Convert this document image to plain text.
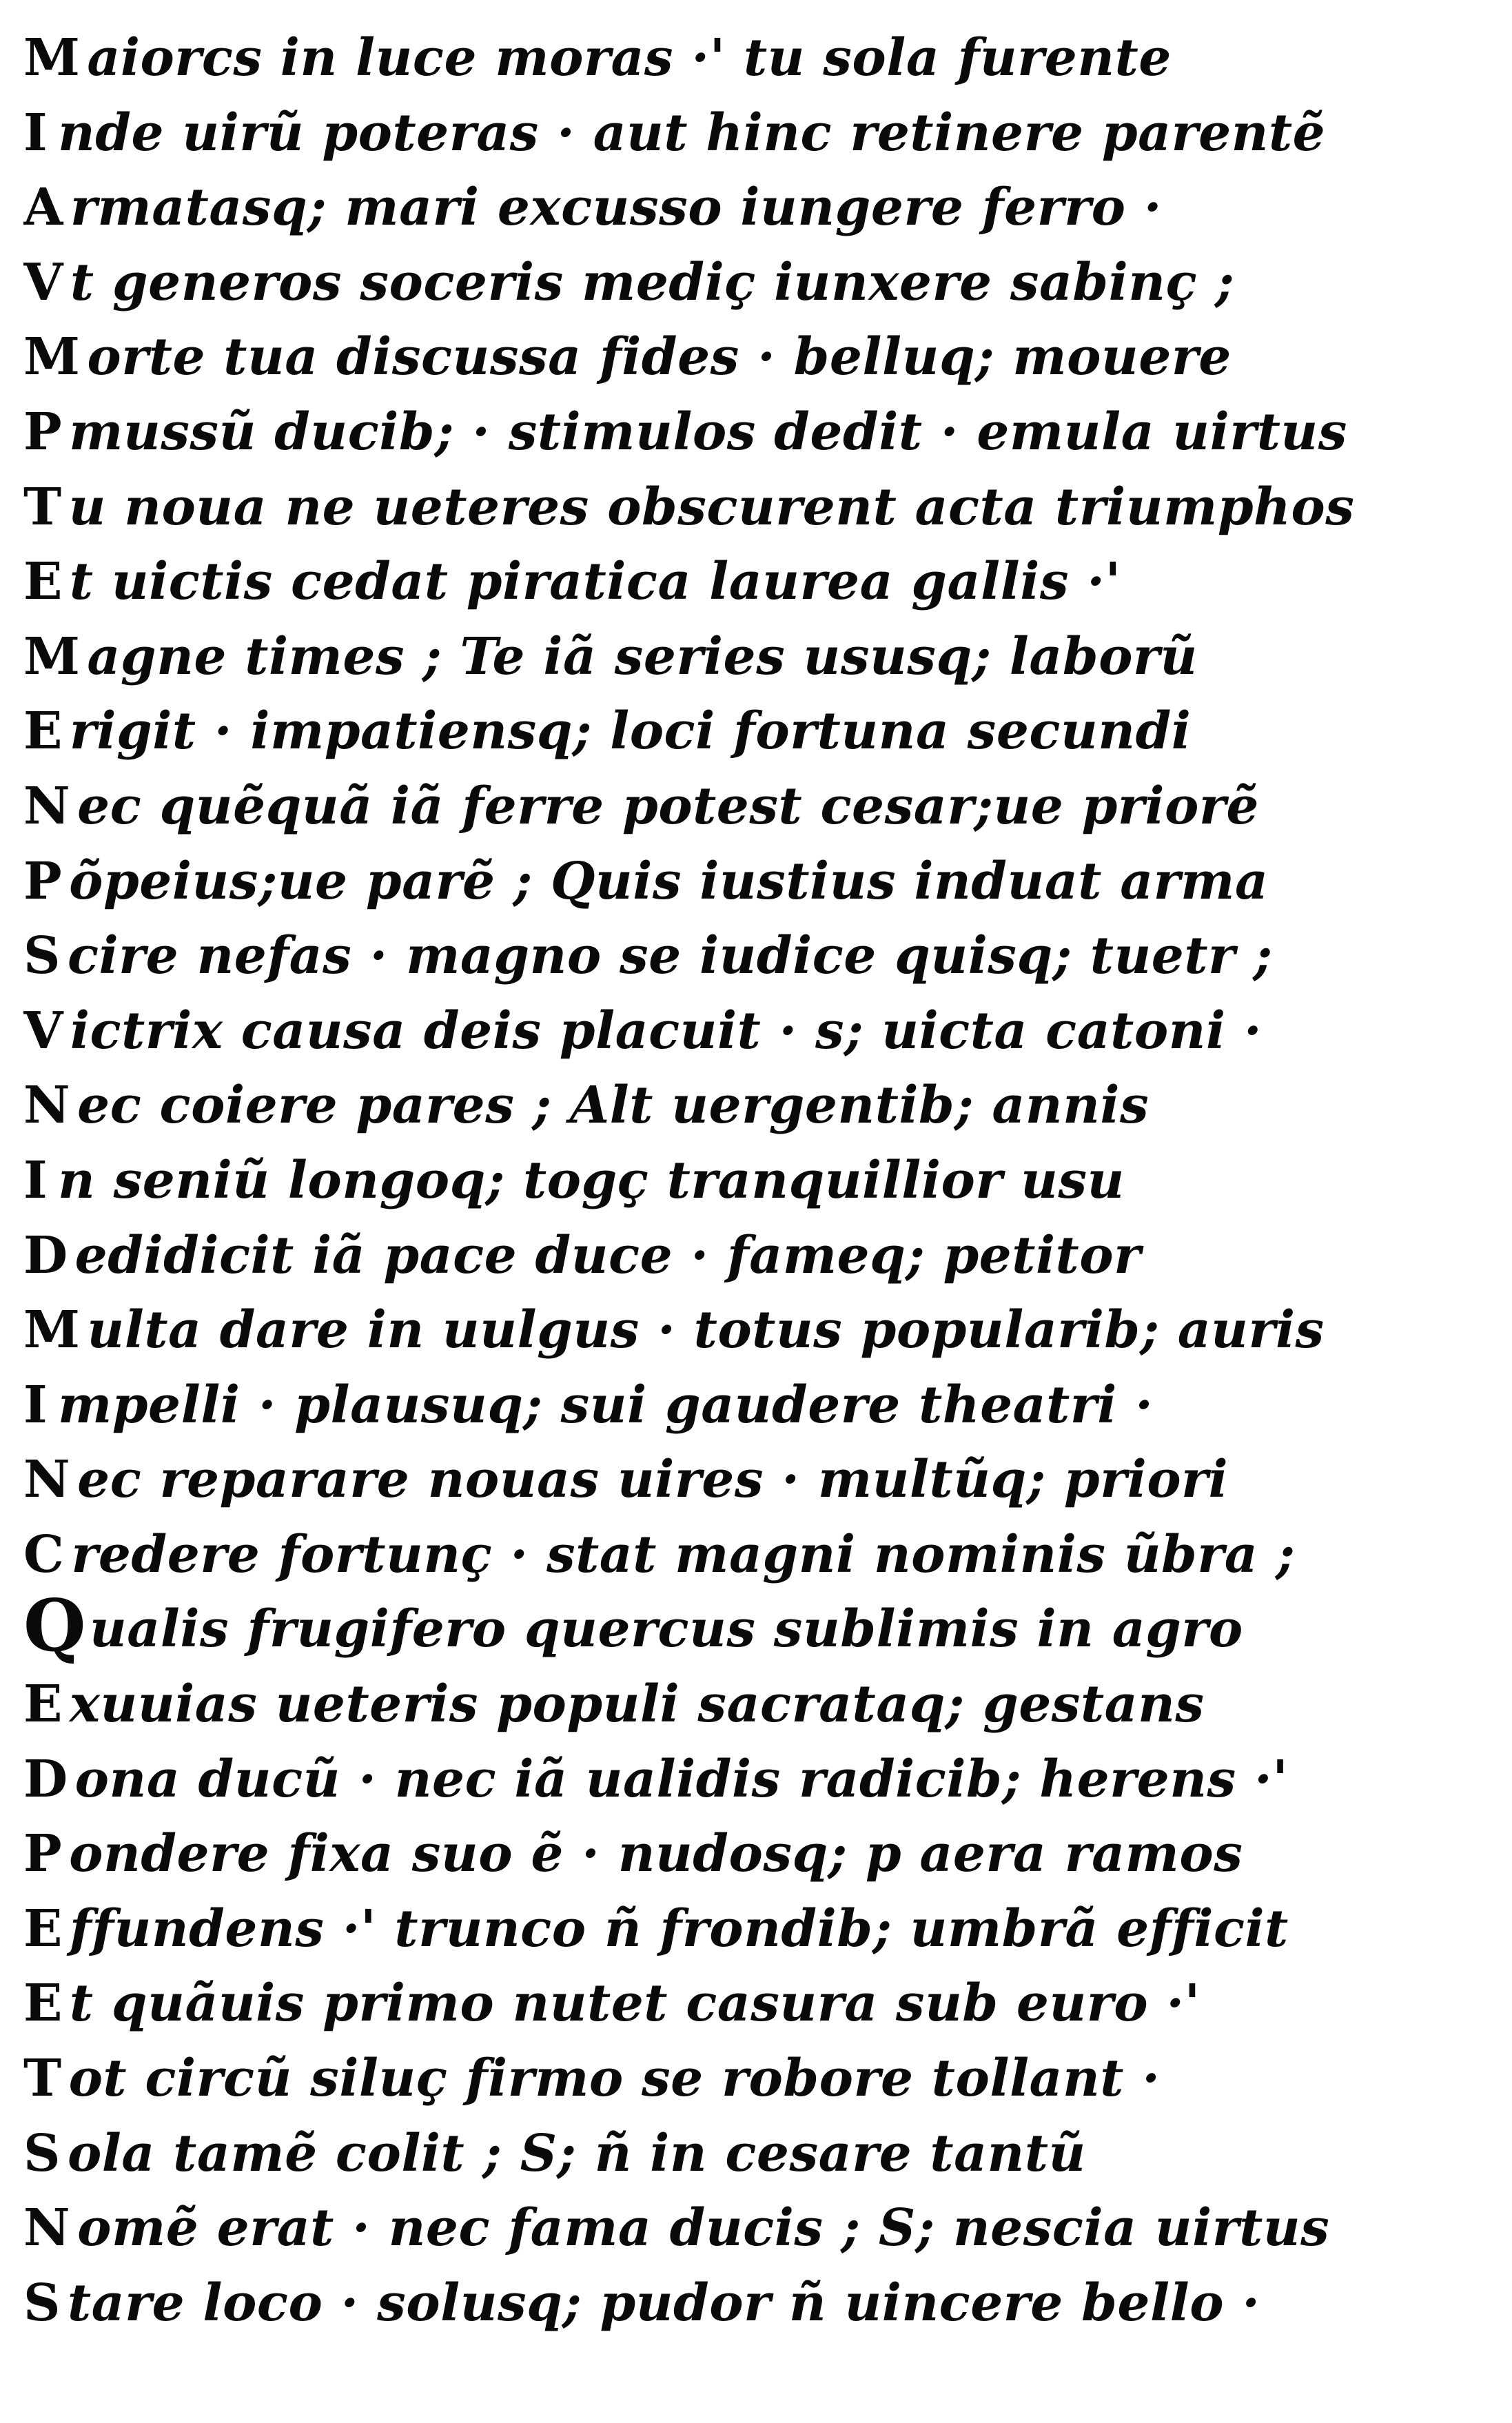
M aiorcs in luce moras ·' tu sola furente
I nde uirũ poteras · aut hinc retinere parentẽ
A rmatasq; mari excusso iungere ferro ·
V t generos soceris mediç iunxere sabinç ;
M orte tua discussa fides · belluq; mouere
P mussũ ducib; · stimulos dedit · emula uirtus
T u noua ne ueteres obscurent acta triumphos
E t uictis cedat piratica laurea gallis ·'
M agne times ; Te iã series ususq; laborũ
E rigit · impatiensq; loci fortuna secundi
N ec quẽquã iã ferre potest cesar;ue priorẽ
P õpeius;ue parẽ ; Quis iustius induat arma
S cire nefas · magno se iudice quisq; tuetr ;
V ictrix causa deis placuit · s; uicta catoni ·
N ec coiere pares ; Alt uergentib; annis
I n seniũ longoq; togç tranquillior usu
D edidicit iã pace duce · fameq; petitor
M ulta dare in uulgus · totus popularib; auris
I mpelli · plausuq; sui gaudere theatri ·
N ec reparare nouas uires · multũq; priori
C redere fortunç · stat magni nominis ũbra ;
Qualis frugifero quercus sublimis in agro
E xuuias ueteris populi sacrataq; gestans
D ona ducũ · nec iã ualidis radicib; herens ·'
P ondere fixa suo ẽ · nudosq; p aera ramos
E ffundens ·' trunco ñ frondib; umbrã efficit
E t quãuis primo nutet casura sub euro ·'
T ot circũ siluç firmo se robore tollant ·
S ola tamẽ colit ; S; ñ in cesare tantũ
N omẽ erat · nec fama ducis ; S; nescia uirtus
S tare loco · solusq; pudor ñ uincere bello ·
